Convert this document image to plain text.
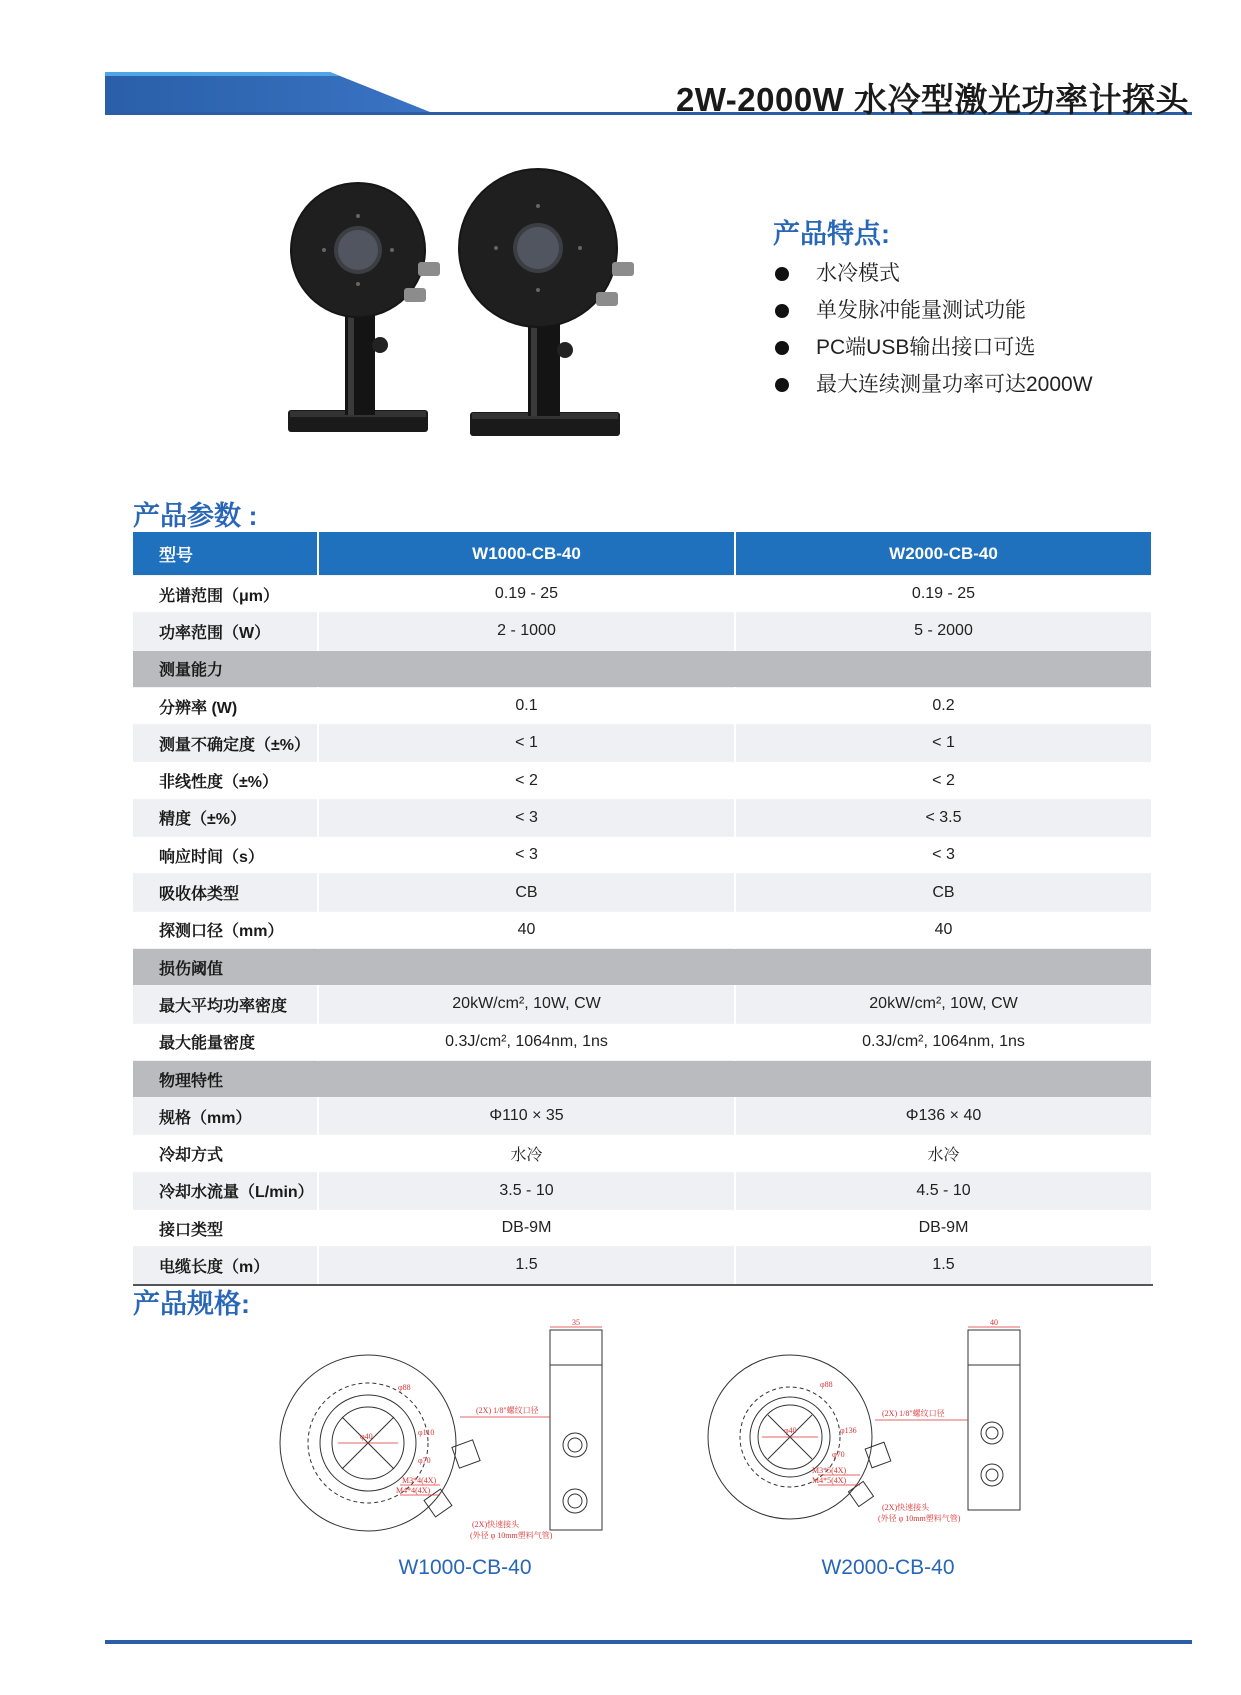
2W-2000W 水冷型激光功率计探头
产品特点:
水冷模式
单发脉冲能量测试功能
PC端USB输出接口可选
最大连续测量功率可达2000W
产品参数 :
型号	W1000-CB-40	W2000-CB-40
光谱范围（μm）	0.19 - 25	0.19 - 25
功率范围（W）	2 - 1000	5 - 2000
测量能力		
分辨率 (W)	0.1	0.2
测量不确定度（±%）	< 1	< 1
非线性度（±%）	< 2	< 2
精度（±%）	< 3	< 3.5
响应时间（s）	< 3	< 3
吸收体类型	CB	CB
探测口径（mm）	40	40
损伤阈值		
最大平均功率密度	20kW/cm², 10W, CW	20kW/cm², 10W, CW
最大能量密度	0.3J/cm², 1064nm, 1ns	0.3J/cm², 1064nm, 1ns
物理特性		
规格（mm）	Φ110 × 35	Φ136 × 40
冷却方式	水冷	水冷
冷却水流量（L/min）	3.5 - 10	4.5 - 10
接口类型	DB-9M	DB-9M
电缆长度（m）	1.5	1.5
产品规格:
35
φ40	φ110
φ70
φ88
(2X) 1/8"螺纹口径
M3*4(4X)
M4*4(4X)
(2X)快速接头
(外径 φ 10mm塑料气管)
W1000-CB-40
40
φ40	φ136
φ70
φ88
(2X) 1/8"螺纹口径
M3*5(4X)
M4*5(4X)
(2X)快速接头
(外径 φ 10mm塑料气管)
W2000-CB-40
